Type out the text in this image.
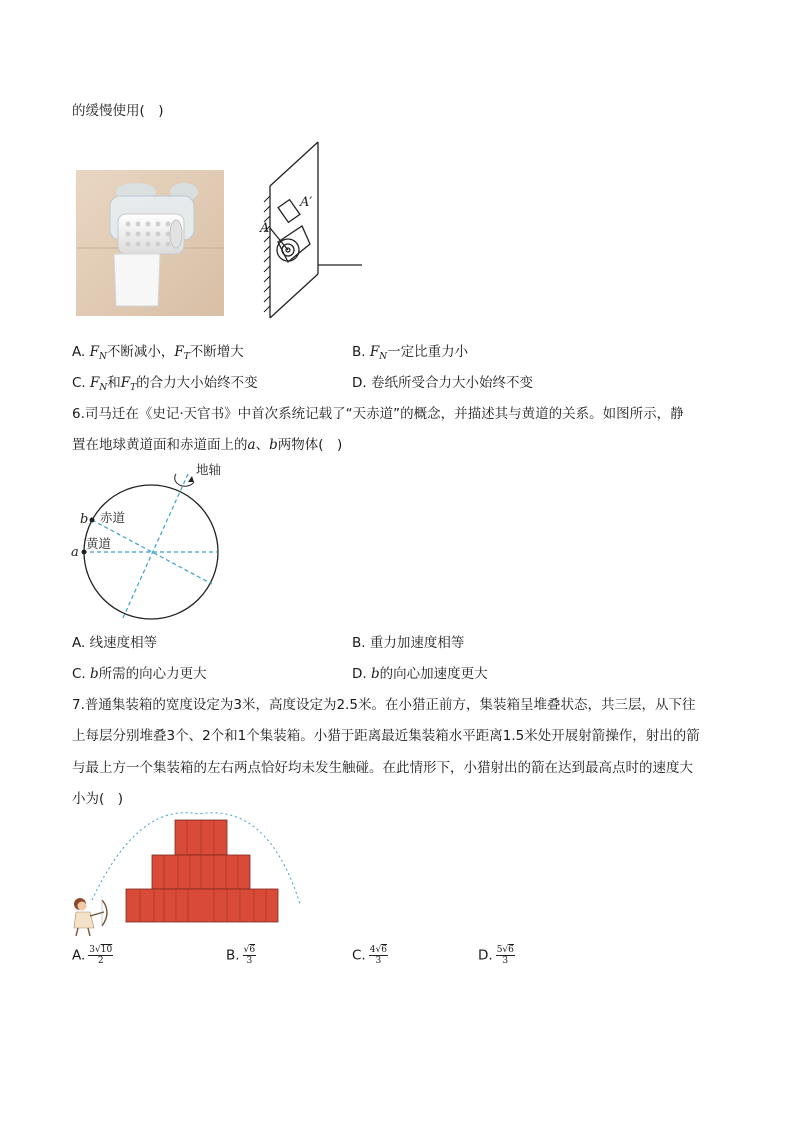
的缓慢使用(　)
A
A′
A. $F_N$不断减小，$F_T$不断增大	B. $F_N$一定比重力小
C. $F_N$和$F_T$的合力大小始终不变	D. 卷纸所受合力大小始终不变
6.司马迁在《史记·天官书》中首次系统记载了“天赤道”的概念，并描述其与黄道的关系。如图所示，静
置在地球黄道面和赤道面上的a、b两物体(　)
地轴
赤道
黄道
a
b
A. 线速度相等	B. 重力加速度相等
C. b所需的向心力更大	D. b的向心加速度更大
7.普通集装箱的宽度设定为3米，高度设定为2.5米。在小猎正前方，集装箱呈堆叠状态，共三层，从下往
上每层分别堆叠3个、2个和1个集装箱。小猎于距离最近集装箱水平距离1.5米处开展射箭操作，射出的箭
与最上方一个集装箱的左右两点恰好均未发生触碰。在此情形下，小猎射出的箭在达到最高点时的速度大
小为(　)
A. $\frac{3√10}{2}$	B. $\frac{√6}{3}$	C. $\frac{4√6}{3}$	D. $\frac{5√6}{3}$
